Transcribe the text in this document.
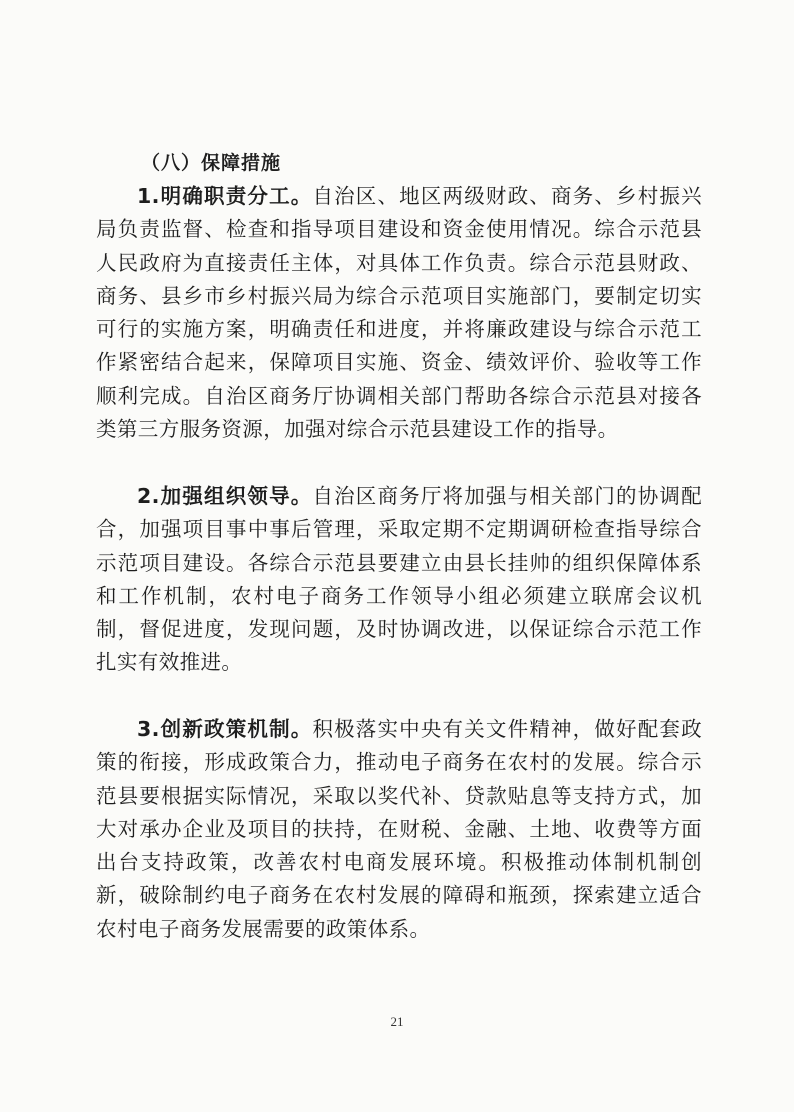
（八）保障措施

1.明确职责分工。自治区、地区两级财政、商务、乡村振兴局负责监督、检查和指导项目建设和资金使用情况。综合示范县人民政府为直接责任主体，对具体工作负责。综合示范县财政、商务、县乡市乡村振兴局为综合示范项目实施部门，要制定切实可行的实施方案，明确责任和进度，并将廉政建设与综合示范工作紧密结合起来，保障项目实施、资金、绩效评价、验收等工作顺利完成。自治区商务厅协调相关部门帮助各综合示范县对接各类第三方服务资源，加强对综合示范县建设工作的指导。

2.加强组织领导。自治区商务厅将加强与相关部门的协调配合，加强项目事中事后管理，采取定期不定期调研检查指导综合示范项目建设。各综合示范县要建立由县长挂帅的组织保障体系和工作机制，农村电子商务工作领导小组必须建立联席会议机制，督促进度，发现问题，及时协调改进，以保证综合示范工作扎实有效推进。

3.创新政策机制。积极落实中央有关文件精神，做好配套政策的衔接，形成政策合力，推动电子商务在农村的发展。综合示范县要根据实际情况，采取以奖代补、贷款贴息等支持方式，加大对承办企业及项目的扶持，在财税、金融、土地、收费等方面出台支持政策，改善农村电商发展环境。积极推动体制机制创新，破除制约电子商务在农村发展的障碍和瓶颈，探索建立适合农村电子商务发展需要的政策体系。

21
